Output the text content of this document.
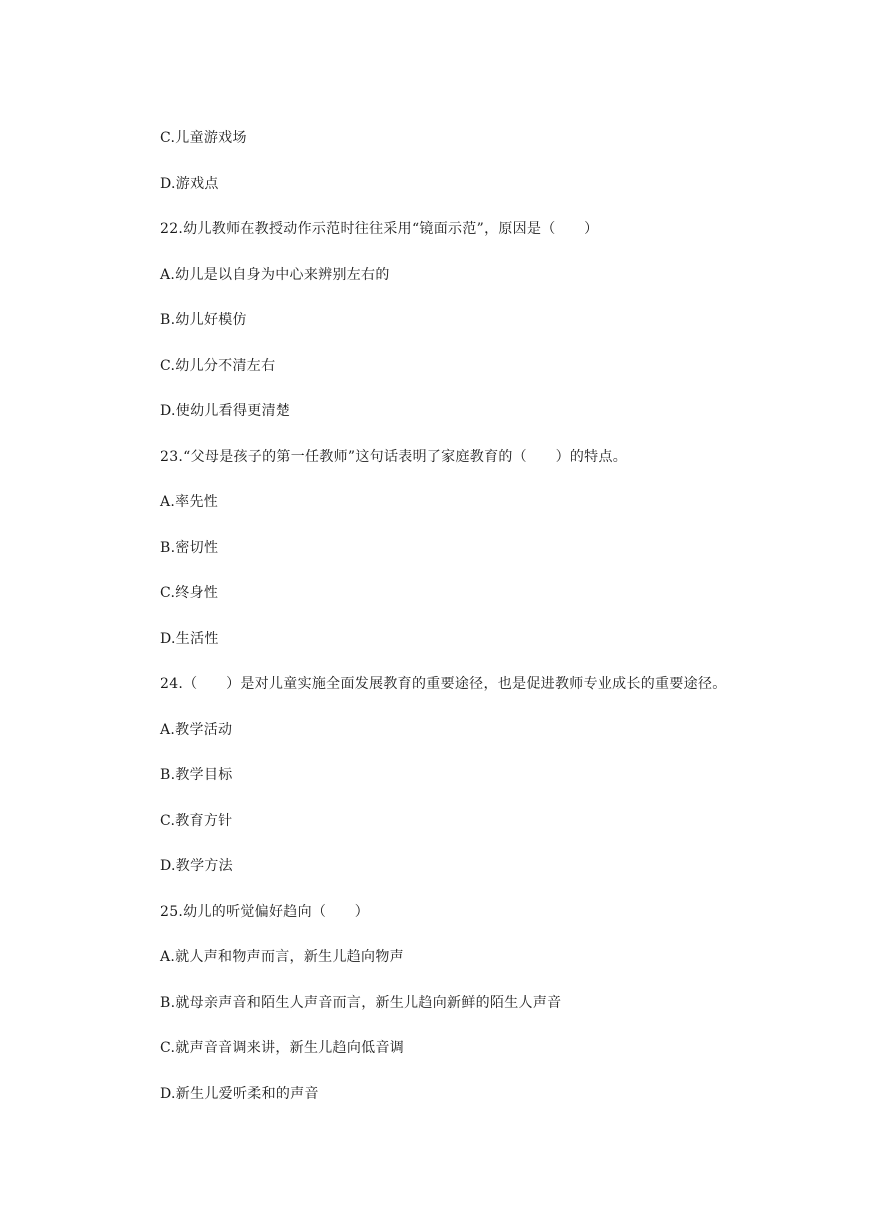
C.儿童游戏场
D.游戏点
22.幼儿教师在教授动作示范时往往采用“镜面示范”，原因是（　　）
A.幼儿是以自身为中心来辨别左右的
B.幼儿好模仿
C.幼儿分不清左右
D.使幼儿看得更清楚
23.“父母是孩子的第一任教师”这句话表明了家庭教育的（　　）的特点。
A.率先性
B.密切性
C.终身性
D.生活性
24.（　　）是对儿童实施全面发展教育的重要途径，也是促进教师专业成长的重要途径。
A.教学活动
B.教学目标
C.教育方针
D.教学方法
25.幼儿的听觉偏好趋向（　　）
A.就人声和物声而言，新生儿趋向物声
B.就母亲声音和陌生人声音而言，新生儿趋向新鲜的陌生人声音
C.就声音音调来讲，新生儿趋向低音调
D.新生儿爱听柔和的声音
